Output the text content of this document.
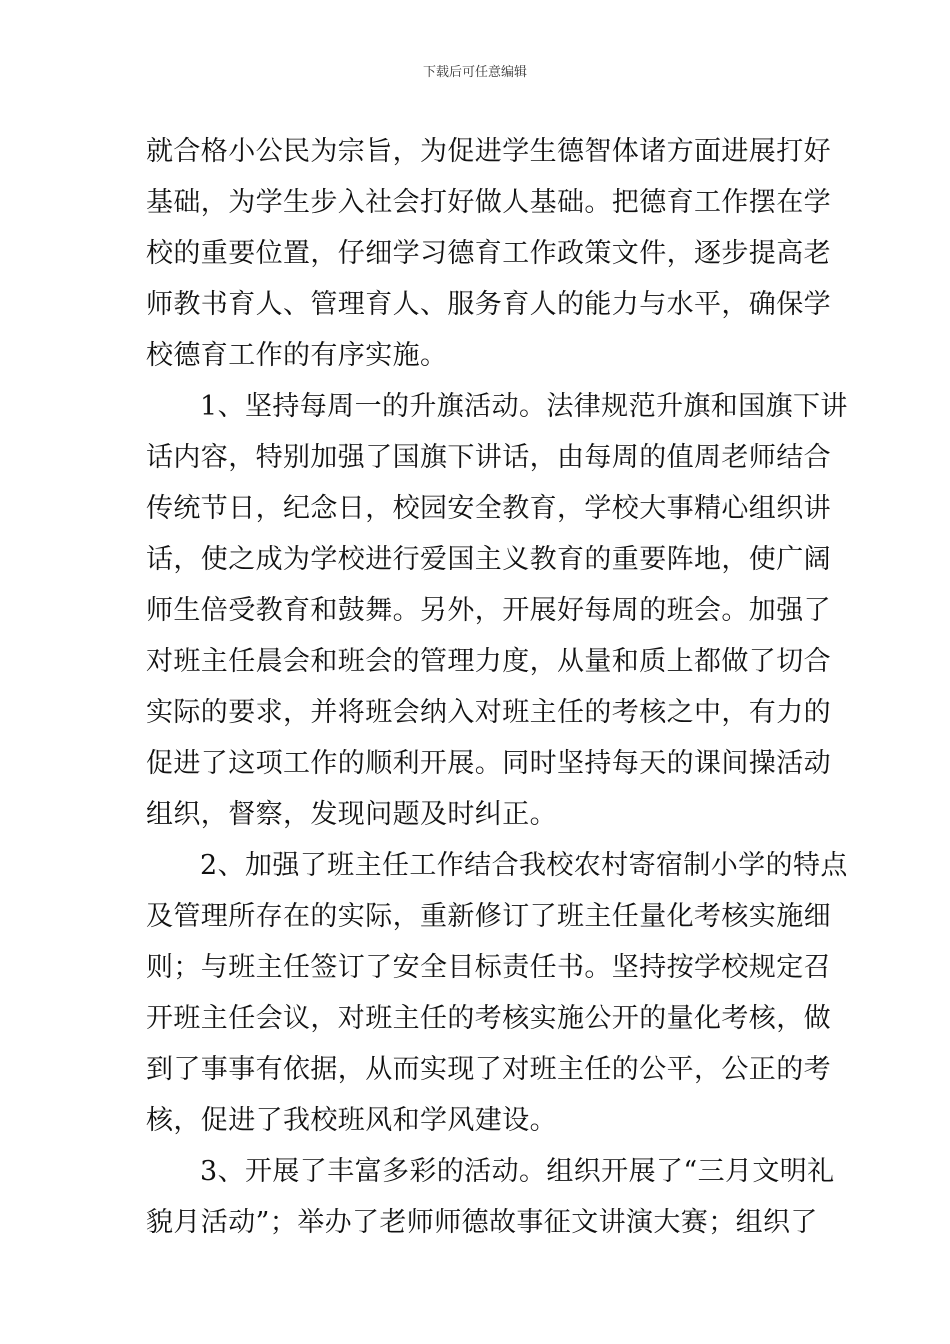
下载后可任意编辑
就合格小公民为宗旨，为促进学生德智体诸方面进展打好
基础，为学生步入社会打好做人基础。把德育工作摆在学
校的重要位置，仔细学习德育工作政策文件，逐步提高老
师教书育人、管理育人、服务育人的能力与水平，确保学
校德育工作的有序实施。
1、坚持每周一的升旗活动。法律规范升旗和国旗下讲
话内容，特别加强了国旗下讲话，由每周的值周老师结合
传统节日，纪念日，校园安全教育，学校大事精心组织讲
话，使之成为学校进行爱国主义教育的重要阵地，使广阔
师生倍受教育和鼓舞。另外，开展好每周的班会。加强了
对班主任晨会和班会的管理力度，从量和质上都做了切合
实际的要求，并将班会纳入对班主任的考核之中，有力的
促进了这项工作的顺利开展。同时坚持每天的课间操活动
组织，督察，发现问题及时纠正。
2、加强了班主任工作结合我校农村寄宿制小学的特点
及管理所存在的实际，重新修订了班主任量化考核实施细
则；与班主任签订了安全目标责任书。坚持按学校规定召
开班主任会议，对班主任的考核实施公开的量化考核，做
到了事事有依据，从而实现了对班主任的公平，公正的考
核，促进了我校班风和学风建设。
3、开展了丰富多彩的活动。组织开展了“三月文明礼
貌月活动”；举办了老师师德故事征文讲演大赛；组织了
